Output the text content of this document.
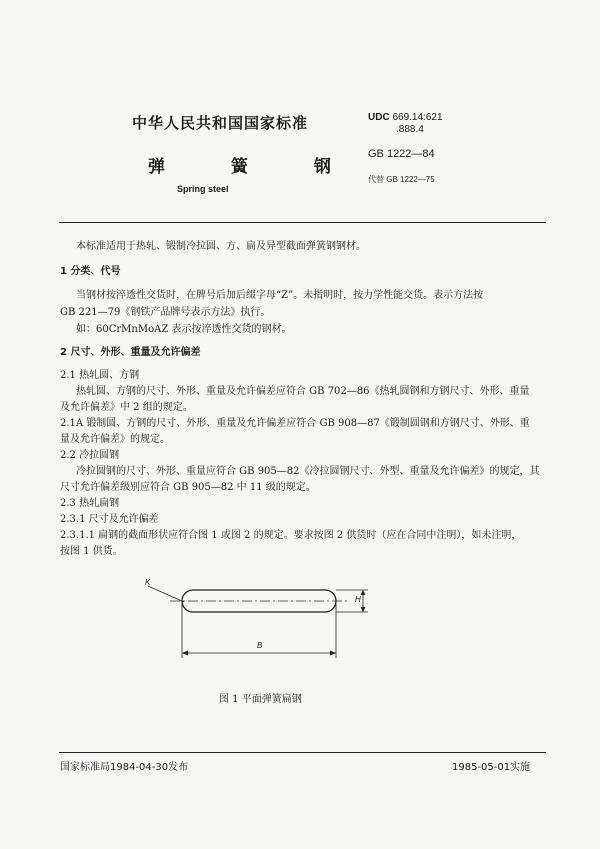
中华人民共和国国家标准
弹 簧 钢
Spring steel
UDC 669.14:621
.888.4
GB 1222—84
代替 GB 1222—75
本标准适用于热轧、锻制冷拉圆、方、扁及异型截面弹簧钢钢材。
1 分类、代号
当钢材按淬透性交货时，在牌号后加后缀字母“Z”。未指明时，按力学性能交货。表示方法按
GB 221—79《钢铁产品牌号表示方法》执行。
如：60CrMnMoAZ 表示按淬透性交货的钢材。
2 尺寸、外形、重量及允许偏差
2.1 热轧圆、方钢
热轧圆、方钢的尺寸、外形、重量及允许偏差应符合 GB 702—86《热轧圆钢和方钢尺寸、外形、重量
及允许偏差》中 2 组的规定。
2.1A 锻制圆、方钢的尺寸、外形、重量及允许偏差应符合 GB 908—87《锻制圆钢和方钢尺寸、外形、重
量及允许偏差》的规定。
2.2 冷拉圆钢
冷拉圆钢的尺寸、外形、重量应符合 GB 905—82《冷拉圆钢尺寸、外型、重量及允许偏差》的规定，其
尺寸允许偏差级别应符合 GB 905—82 中 11 级的规定。
2.3 热轧扁钢
2.3.1 尺寸及允许偏差
2.3.1.1 扁钢的截面形状应符合图 1 或图 2 的规定。要求按图 2 供货时（应在合同中注明），如未注明，
按图 1 供货。
K
B
H
图 1 平面弹簧扁钢
国家标准局1984-04-30发布	1985-05-01实施
